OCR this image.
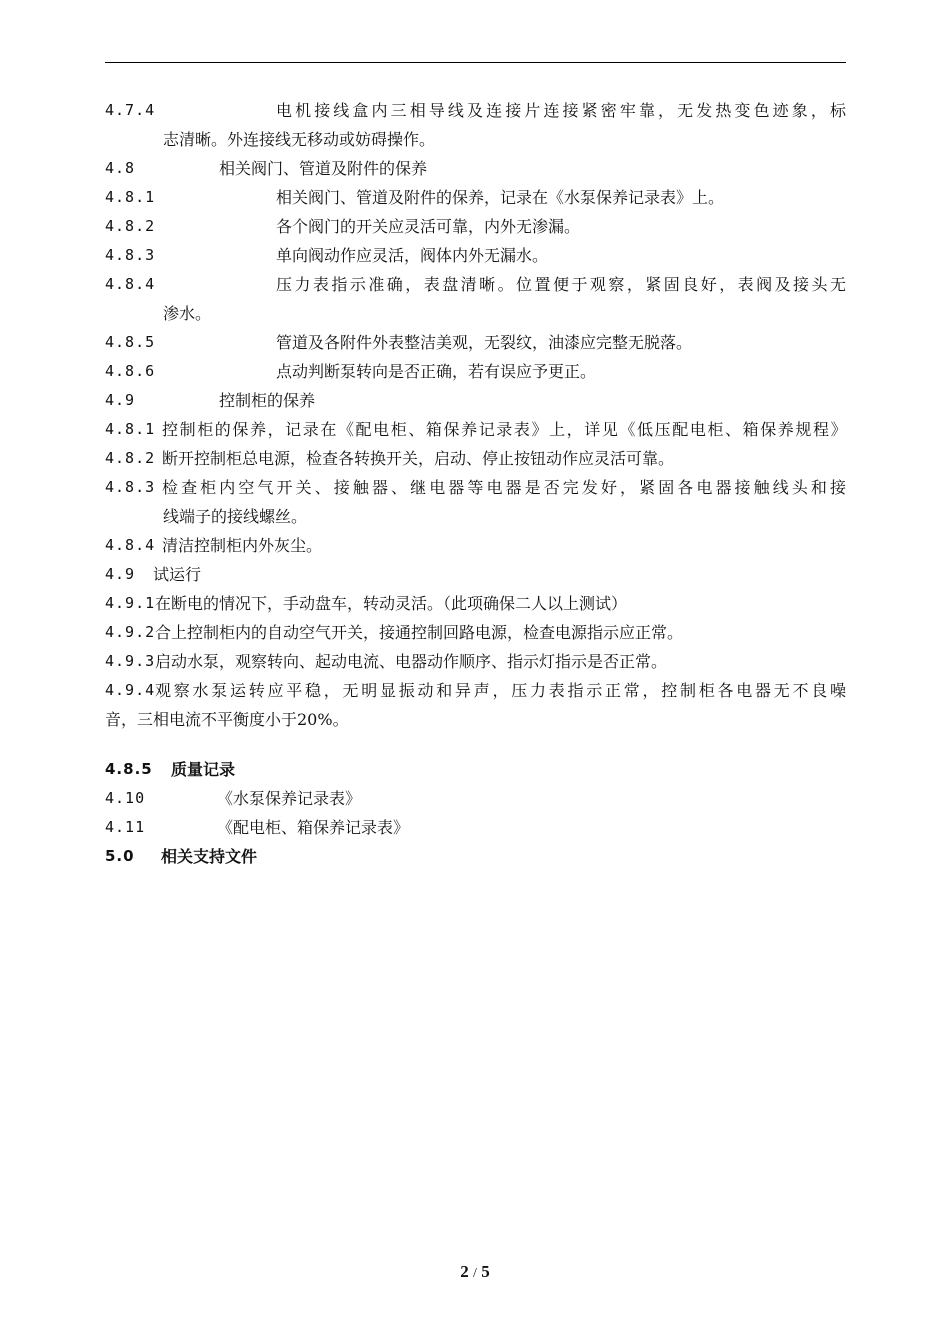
4.7.4	电机接线盒内三相导线及连接片连接紧密牢靠，无发热变色迹象，标
志清晰。外连接线无移动或妨碍操作。
4.8	相关阀门、管道及附件的保养
4.8.1	相关阀门、管道及附件的保养，记录在《水泵保养记录表》上。
4.8.2	各个阀门的开关应灵活可靠，内外无渗漏。
4.8.3	单向阀动作应灵活，阀体内外无漏水。
4.8.4	压力表指示准确，表盘清晰。位置便于观察，紧固良好，表阀及接头无
渗水。
4.8.5	管道及各附件外表整洁美观，无裂纹，油漆应完整无脱落。
4.8.6	点动判断泵转向是否正确，若有误应予更正。
4.9	控制柜的保养
4.8.1 控制柜的保养，记录在《配电柜、箱保养记录表》上，详见《低压配电柜、箱保养规程》
4.8.2 断开控制柜总电源，检查各转换开关，启动、停止按钮动作应灵活可靠。
4.8.3 检查柜内空气开关、接触器、继电器等电器是否完发好，紧固各电器接触线头和接
线端子的接线螺丝。
4.8.4 清洁控制柜内外灰尘。
4.9 试运行
4.9.1 在断电的情况下，手动盘车，转动灵活。（此项确保二人以上测试）
4.9.2 合上控制柜内的自动空气开关，接通控制回路电源，检查电源指示应正常。
4.9.3 启动水泵，观察转向、起动电流、电器动作顺序、指示灯指示是否正常。
4.9.4 观察水泵运转应平稳，无明显振动和异声，压力表指示正常，控制柜各电器无不良噪
音，三相电流不平衡度小于20%。
4.8.5 质量记录
4.10	《水泵保养记录表》
4.11	《配电柜、箱保养记录表》
5.0 相关支持文件
2 / 5
